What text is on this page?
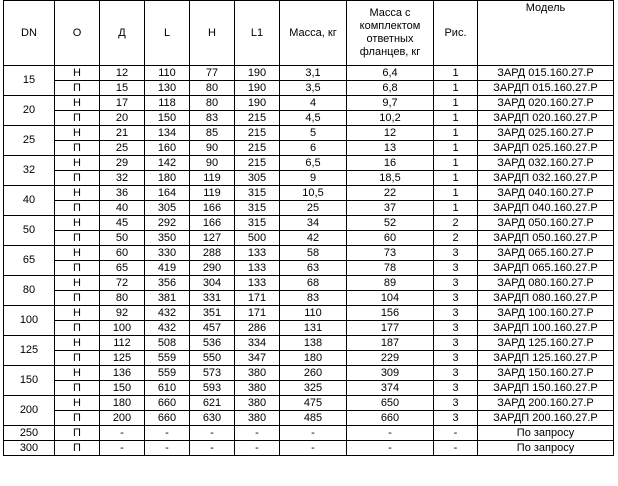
DN	О	Д	L	H	L1	Масса, кг	Масса с комплектом ответных фланцев, кг	Рис.	Модель
15	Н	12	110	77	190	3,1	6,4	1	ЗАРД 015.160.27.Р
	П	15	130	80	190	3,5	6,8	1	ЗАРДП 015.160.27.Р
20	Н	17	118	80	190	4	9,7	1	ЗАРД 020.160.27.Р
	П	20	150	83	215	4,5	10,2	1	ЗАРДП 020.160.27.Р
25	Н	21	134	85	215	5	12	1	ЗАРД 025.160.27.Р
	П	25	160	90	215	6	13	1	ЗАРДП 025.160.27.Р
32	Н	29	142	90	215	6,5	16	1	ЗАРД 032.160.27.Р
	П	32	180	119	305	9	18,5	1	ЗАРДП 032.160.27.Р
40	Н	36	164	119	315	10,5	22	1	ЗАРД 040.160.27.Р
	П	40	305	166	315	25	37	1	ЗАРДП 040.160.27.Р
50	Н	45	292	166	315	34	52	2	ЗАРД 050.160.27.Р
	П	50	350	127	500	42	60	2	ЗАРДП 050.160.27.Р
65	Н	60	330	288	133	58	73	3	ЗАРД 065.160.27.Р
	П	65	419	290	133	63	78	3	ЗАРДП 065.160.27.Р
80	Н	72	356	304	133	68	89	3	ЗАРД 080.160.27.Р
	П	80	381	331	171	83	104	3	ЗАРДП 080.160.27.Р
100	Н	92	432	351	171	110	156	3	ЗАРД 100.160.27.Р
	П	100	432	457	286	131	177	3	ЗАРДП 100.160.27.Р
125	Н	112	508	536	334	138	187	3	ЗАРД 125.160.27.Р
	П	125	559	550	347	180	229	3	ЗАРДП 125.160.27.Р
150	Н	136	559	573	380	260	309	3	ЗАРД 150.160.27.Р
	П	150	610	593	380	325	374	3	ЗАРДП 150.160.27.Р
200	Н	180	660	621	380	475	650	3	ЗАРД 200.160.27.Р
	П	200	660	630	380	485	660	3	ЗАРДП 200.160.27.Р
250	П	-	-	-	-	-	-	-	По запросу
300	П	-	-	-	-	-	-	-	По запросу
